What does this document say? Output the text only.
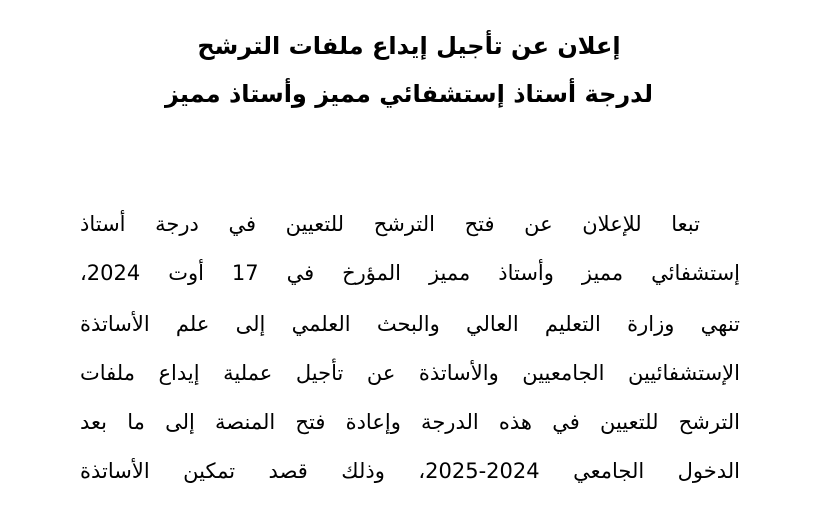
إعلان عن تأجيل إيداع ملفات الترشح
لدرجة أستاذ إستشفائي مميز وأستاذ مميز
تبعا للإعلان عن فتح الترشح للتعيين في درجة أستاذ
إستشفائي مميز وأستاذ مميز المؤرخ في 17 أوت 2024،
تنهي وزارة التعليم العالي والبحث العلمي إلى علم الأساتذة
الإستشفائيين الجامعيين والأساتذة عن تأجيل عملية إيداع ملفات
الترشح للتعيين في هذه الدرجة وإعادة فتح المنصة إلى ما بعد
الدخول الجامعي 2024-2025، وذلك قصد تمكين الأساتذة
